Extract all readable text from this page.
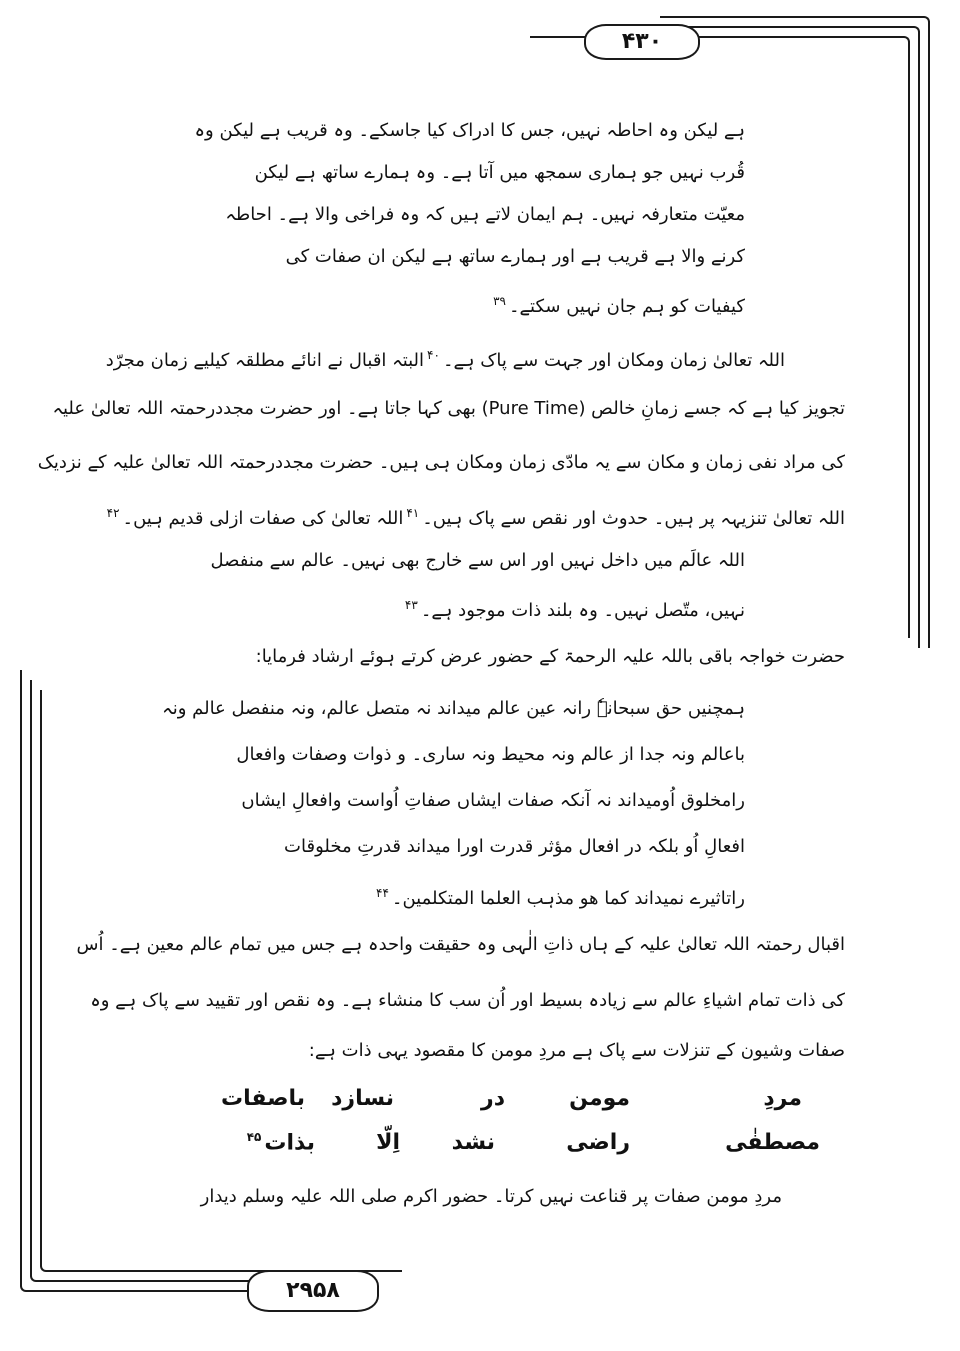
۴۳۰
۲۹۵۸
ہے لیکن وہ احاطہ نہیں، جس کا ادراک کیا جاسکے۔ وہ قریب ہے لیکن وہ
قُرب نہیں جو ہماری سمجھ میں آتا ہے۔ وہ ہمارے ساتھ ہے لیکن
معیّت متعارفہ نہیں۔ ہم ایمان لاتے ہیں کہ وہ فراخی والا ہے۔ احاطہ
کرنے والا ہے قریب ہے اور ہمارے ساتھ ہے لیکن ان صفات کی
کیفیات کو ہم جان نہیں سکتے۔$^{۳۹}$
اللہ تعالیٰ زمان ومکان اور جہت سے پاک ہے۔$^{۴۰}$البتہ اقبال نے انائے مطلقہ کیلیے زمان مجرّد
تجویز کیا ہے کہ جسے زمانِ خالص (Pure Time) بھی کہا جاتا ہے۔ اور حضرت مجددرحمتہ اللہ تعالیٰ علیہ
کی مراد نفی زمان و مکان سے یہ مادّی زمان ومکان ہی ہیں۔ حضرت مجددرحمتہ اللہ تعالیٰ علیہ کے نزدیک
اللہ تعالیٰ تنزیہہ پر ہیں۔ حدوث اور نقص سے پاک ہیں۔$^{۴۱}$اللہ تعالیٰ کی صفات ازلی قدیم ہیں۔$^{۴۲}$
اللہ عالَم میں داخل نہیں اور اس سے خارج بھی نہیں۔ عالم سے منفصل
نہیں، متّصل نہیں۔ وہ بلند ذات موجود ہے۔$^{۴۳}$
حضرت خواجہ باقی باللہ علیہ الرحمۃ کے حضور عرض کرتے ہوئے ارشاد فرمایا:
ہمچنیں حق سبحانہٗ رانہ عین عالم میداند نہ متصل عالم، ونہ منفصل عالم ونہ
باعالم ونہ جدا از عالم ونہ محیط ونہ ساری۔ و ذوات وصفات وافعال
رامخلوق اُومیداند نہ آنکہ صفات ایشاں صفاتِ اُواست وافعالِ ایشاں
افعالِ اُو بلکہ در افعال مؤثر قدرت اورا میداند قدرتِ مخلوقات
راتاثیرے نمیداند کما ھو مذہب العلما المتکلمین۔$^{۴۴}$
اقبال رحمتہ اللہ تعالیٰ علیہ کے ہاں ذاتِ الٰہی وہ حقیقت واحدہ ہے جس میں تمام عالم معین ہے۔ اُس
کی ذات تمام اشیاءِ عالم سے زیادہ بسیط اور اُن سب کا منشاء ہے۔ وہ نقص اور تقیید سے پاک ہے وہ
صفات وشیون کے تنزلات سے پاک ہے مردِ مومن کا مقصود یہی ذات ہے:
مردِ
مومن
در
نسازد
باصفات
مصطفٰی
راضی
نشد
اِلّا
بذات$^{۴۵}$
مردِ مومن صفات پر قناعت نہیں کرتا۔ حضور اکرم صلی اللہ علیہ وسلم دیدار
